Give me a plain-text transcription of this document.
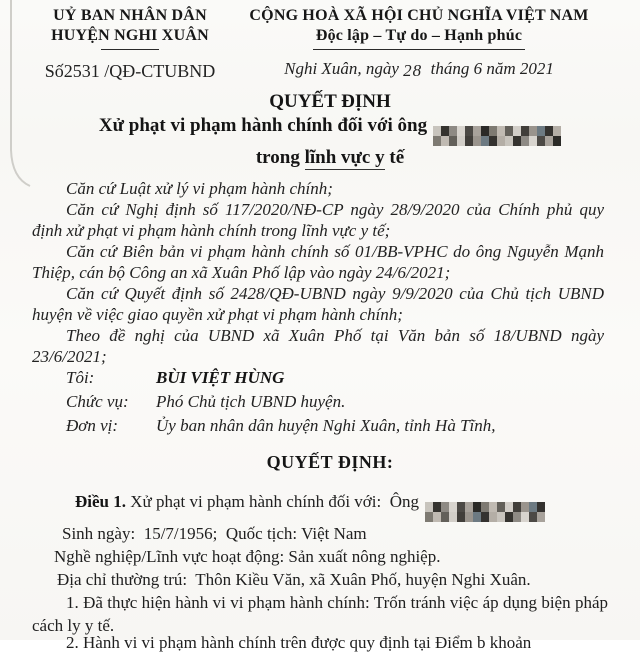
UỶ BAN NHÂN DÂN
HUYỆN NGHI XUÂN
Số2531 /QĐ-CTUBND
CỘNG HOÀ XÃ HỘI CHỦ NGHĨA VIỆT NAM
Độc lập – Tự do – Hạnh phúc
Nghi Xuân, ngày 28 tháng 6 năm 2021
QUYẾT ĐỊNH
Xử phạt vi phạm hành chính đối với ông
trong lĩnh vực y tế

Căn cứ Luật xử lý vi phạm hành chính;

Căn cứ Nghị định số 117/2020/NĐ-CP ngày 28/9/2020 của Chính phủ quy định xử phạt vi phạm hành chính trong lĩnh vực y tế;

Căn cứ Biên bản vi phạm hành chính số 01/BB-VPHC do ông Nguyễn Mạnh Thiệp, cán bộ Công an xã Xuân Phố lập vào ngày 24/6/2021;

Căn cứ Quyết định số 2428/QĐ-UBND ngày 9/9/2020 của Chủ tịch UBND huyện về việc giao quyền xử phạt vi phạm hành chính;

Theo đề nghị của UBND xã Xuân Phố tại Văn bản số 18/UBND ngày 23/6/2021;

Tôi:	BÙI VIỆT HÙNG
Chức vụ: Phó Chủ tịch UBND huyện.
Đơn vị: Ủy ban nhân dân huyện Nghi Xuân, tỉnh Hà Tĩnh,
QUYẾT ĐỊNH:

Điều 1. Xử phạt vi phạm hành chính đối với:  Ông

Sinh ngày:  15/7/1956;  Quốc tịch: Việt Nam

Nghề nghiệp/Lĩnh vực hoạt động: Sản xuất nông nghiệp.

Địa chỉ thường trú:  Thôn Kiều Văn, xã Xuân Phố, huyện Nghi Xuân.

1. Đã thực hiện hành vi vi phạm hành chính: Trốn tránh việc áp dụng biện pháp cách ly y tế.

2. Hành vi vi phạm hành chính trên được quy định tại Điểm b khoản
